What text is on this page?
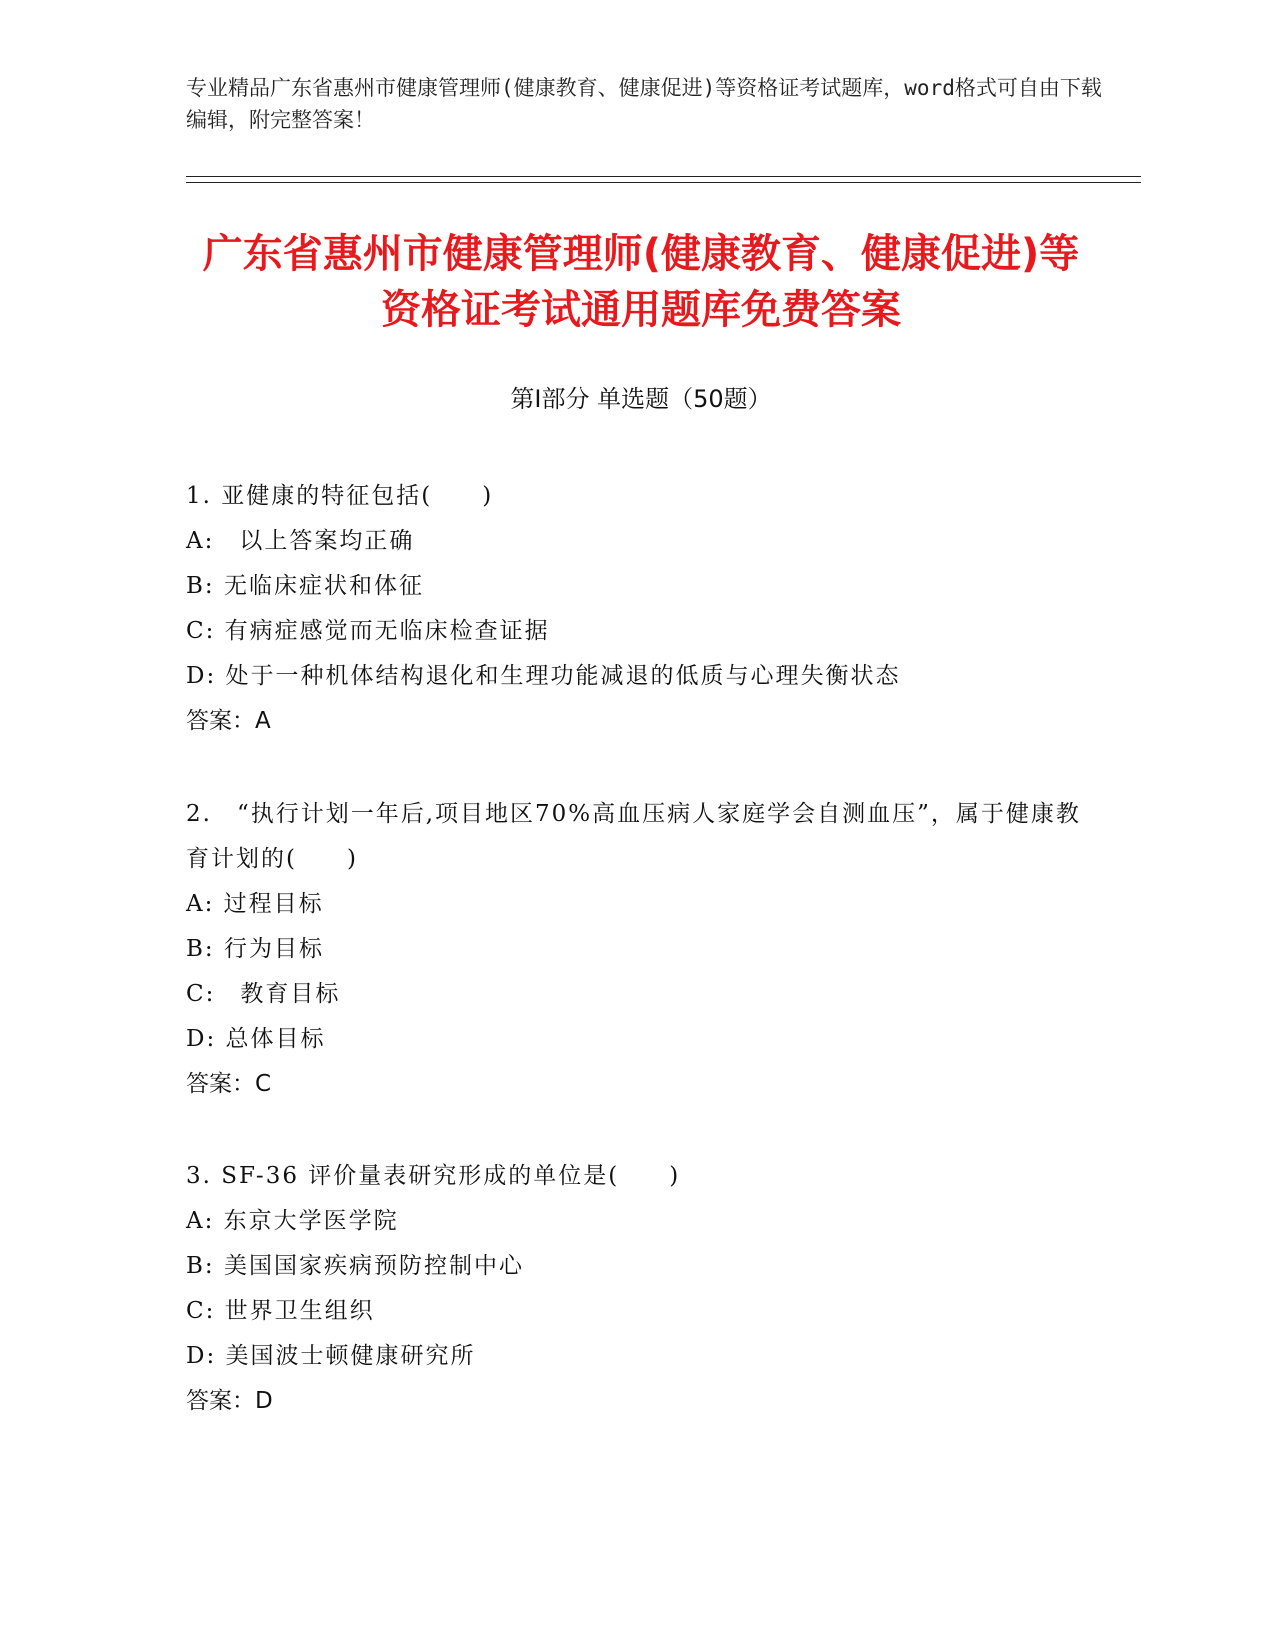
专业精品广东省惠州市健康管理师(健康教育、健康促进)等资格证考试题库，word格式可自由下载编辑，附完整答案！
广东省惠州市健康管理师(健康教育、健康促进)等资格证考试通用题库免费答案
第Ⅰ部分 单选题（50题）

1. 亚健康的特征包括(　　)

A:　以上答案均正确

B: 无临床症状和体征

C: 有病症感觉而无临床检查证据

D: 处于一种机体结构退化和生理功能减退的低质与心理失衡状态

答案：A

2.　“执行计划一年后,项目地区70%高血压病人家庭学会自测血压”，属于健康教育计划的(　　)

A: 过程目标

B: 行为目标

C:　教育目标

D: 总体目标

答案：C

3. SF-36 评价量表研究形成的单位是(　　)

A: 东京大学医学院

B: 美国国家疾病预防控制中心

C: 世界卫生组织

D: 美国波士顿健康研究所

答案：D
